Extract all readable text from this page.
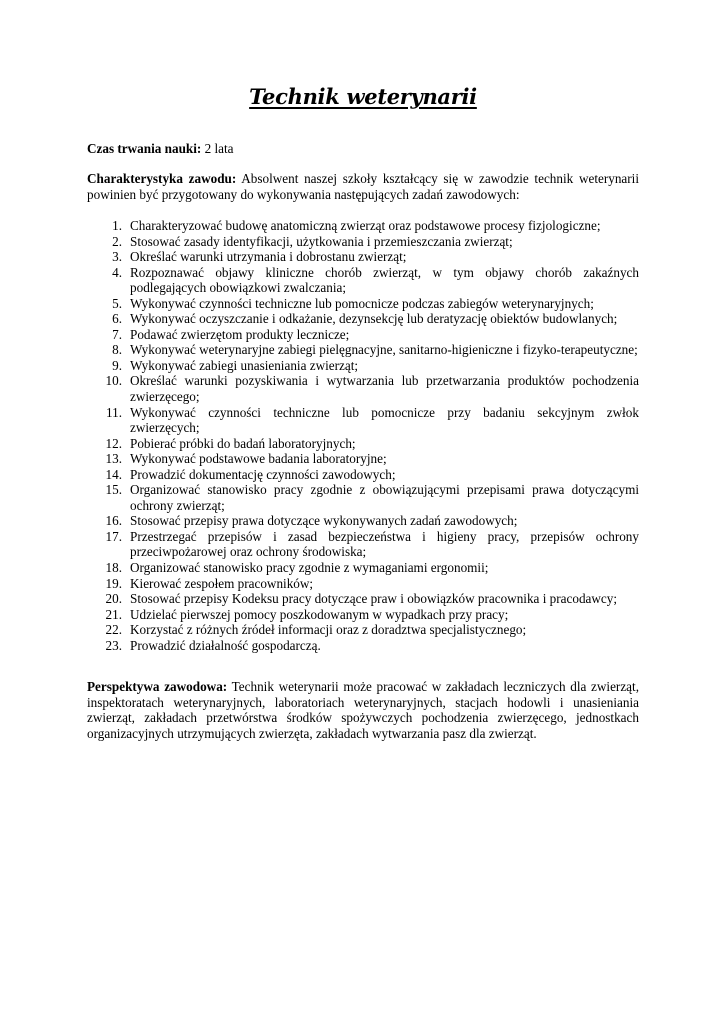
Technik weterynarii

Czas trwania nauki: 2 lata

Charakterystyka zawodu: Absolwent naszej szkoły kształcący się w zawodzie technik weterynarii powinien być przygotowany do wykonywania następujących zadań zawodowych:

1. Charakteryzować budowę anatomiczną zwierząt oraz podstawowe procesy fizjologiczne;
2. Stosować zasady identyfikacji, użytkowania i przemieszczania zwierząt;
3. Określać warunki utrzymania i dobrostanu zwierząt;
4. Rozpoznawać objawy kliniczne chorób zwierząt, w tym objawy chorób zakaźnych podlegających obowiązkowi zwalczania;
5. Wykonywać czynności techniczne lub pomocnicze podczas zabiegów weterynaryjnych;
6. Wykonywać oczyszczanie i odkażanie, dezynsekcję lub deratyzację obiektów budowlanych;
7. Podawać zwierzętom produkty lecznicze;
8. Wykonywać weterynaryjne zabiegi pielęgnacyjne, sanitarno-higieniczne i fizyko-terapeutyczne;
9. Wykonywać zabiegi unasieniania zwierząt;
10. Określać warunki pozyskiwania i wytwarzania lub przetwarzania produktów pochodzenia zwierzęcego;
11. Wykonywać czynności techniczne lub pomocnicze przy badaniu sekcyjnym zwłok zwierzęcych;
12. Pobierać próbki do badań laboratoryjnych;
13. Wykonywać podstawowe badania laboratoryjne;
14. Prowadzić dokumentację czynności zawodowych;
15. Organizować stanowisko pracy zgodnie z obowiązującymi przepisami prawa dotyczącymi ochrony zwierząt;
16. Stosować przepisy prawa dotyczące wykonywanych zadań zawodowych;
17. Przestrzegać przepisów i zasad bezpieczeństwa i higieny pracy, przepisów ochrony przeciwpożarowej oraz ochrony środowiska;
18. Organizować stanowisko pracy zgodnie z wymaganiami ergonomii;
19. Kierować zespołem pracowników;
20. Stosować przepisy Kodeksu pracy dotyczące praw i obowiązków pracownika i pracodawcy;
21. Udzielać pierwszej pomocy poszkodowanym w wypadkach przy pracy;
22. Korzystać z różnych źródeł informacji oraz z doradztwa specjalistycznego;
23. Prowadzić działalność gospodarczą.

Perspektywa zawodowa: Technik weterynarii może pracować w zakładach leczniczych dla zwierząt, inspektoratach weterynaryjnych, laboratoriach weterynaryjnych, stacjach hodowli i unasieniania zwierząt, zakładach przetwórstwa środków spożywczych pochodzenia zwierzęcego, jednostkach organizacyjnych utrzymujących zwierzęta, zakładach wytwarzania pasz dla zwierząt.
